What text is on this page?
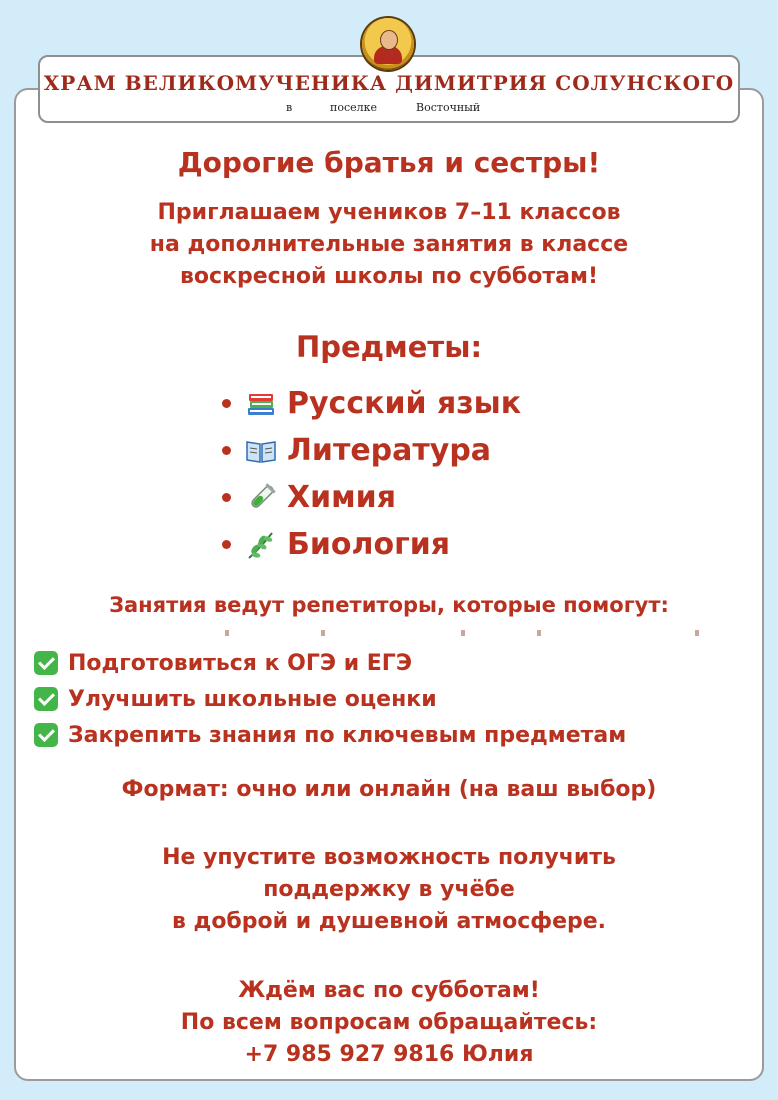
ХРАМ ВЕЛИКОМУЧЕНИКА ДИМИТРИЯ СОЛУНСКОГО
в	поселке	Восточный
Дорогие братья и сестры!
Приглашаем учеников 7–11 классов
на дополнительные занятия в классе
воскресной школы по субботам!
Предметы:
Русский язык
Литература
Химия
Биология
Занятия ведут репетиторы, которые помогут:
Подготовиться к ОГЭ и ЕГЭ
Улучшить школьные оценки
Закрепить знания по ключевым предметам
Формат: очно или онлайн (на ваш выбор)
Не упустите возможность получить
поддержку в учёбе
в доброй и душевной атмосфере.
Ждём вас по субботам!
По всем вопросам обращайтесь:
+7 985 927 9816 Юлия
